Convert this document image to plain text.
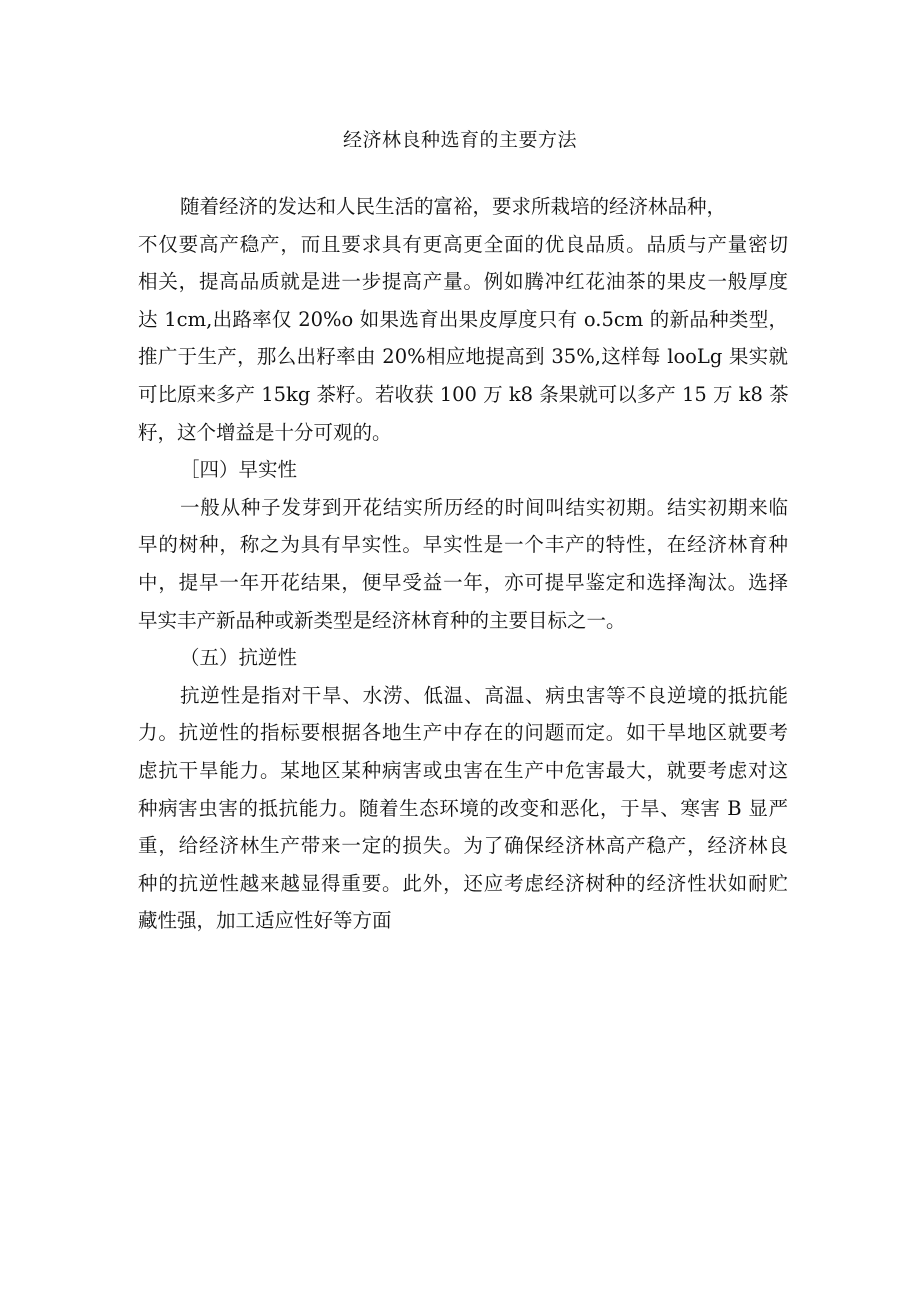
经济林良种选育的主要方法
随着经济的发达和人民生活的富裕，要求所栽培的经济林品种，
不仅要高产稳产，而且要求具有更高更全面的优良品质。品质与产量密切
相关，提高品质就是进一步提高产量。例如腾冲红花油茶的果皮一般厚度
达 1cm,出路率仅 20%o 如果选育出果皮厚度只有 o.5cm 的新品种类型，
推广于生产，那么出籽率由 20%相应地提高到 35%,这样每 looLg 果实就
可比原来多产 15kg 茶籽。若收获 100 万 k8 条果就可以多产 15 万 k8 茶
籽，这个增益是十分可观的。
［四）早实性
一般从种子发芽到开花结实所历经的时间叫结实初期。结实初期来临
早的树种，称之为具有早实性。早实性是一个丰产的特性，在经济林育种
中，提早一年开花结果，便早受益一年，亦可提早鉴定和选择淘汰。选择
早实丰产新品种或新类型是经济林育种的主要目标之一。
（五）抗逆性
抗逆性是指对干旱、水涝、低温、高温、病虫害等不良逆境的抵抗能
力。抗逆性的指标要根据各地生产中存在的问题而定。如干旱地区就要考
虑抗干旱能力。某地区某种病害或虫害在生产中危害最大，就要考虑对这
种病害虫害的抵抗能力。随着生态环境的改变和恶化，于旱、寒害 B 显严
重，给经济林生产带来一定的损失。为了确保经济林高产稳产，经济林良
种的抗逆性越来越显得重要。此外，还应考虑经济树种的经济性状如耐贮
藏性强，加工适应性好等方面
